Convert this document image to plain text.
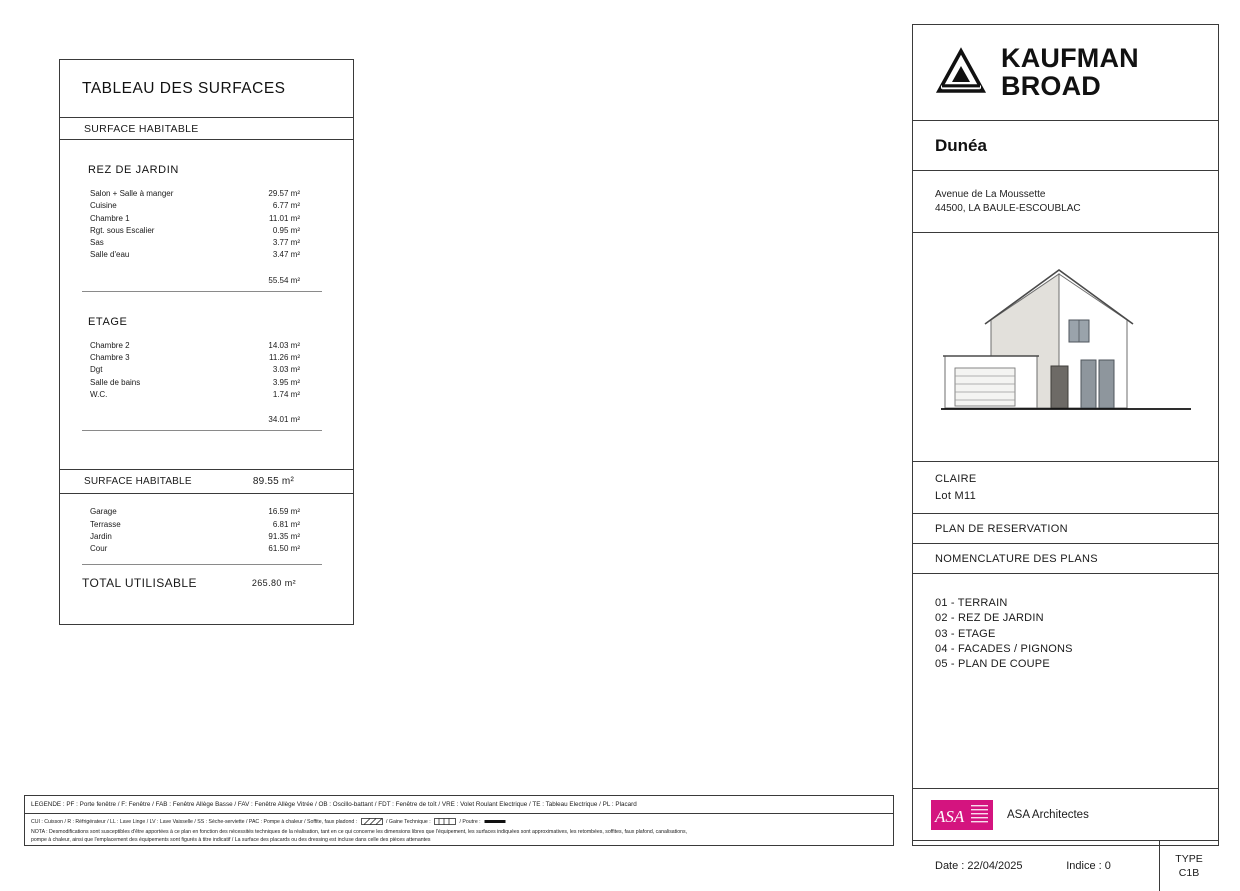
TABLEAU DES SURFACES
SURFACE HABITABLE
REZ DE JARDIN
Salon + Salle à manger	29.57 m²
Cuisine	6.77 m²
Chambre 1	11.01 m²
Rgt. sous Escalier	0.95 m²
Sas	3.77 m²
Salle d'eau	3.47 m²
55.54 m²
ETAGE
Chambre 2	14.03 m²
Chambre 3	11.26 m²
Dgt	3.03 m²
Salle de bains	3.95 m²
W.C.	1.74 m²
34.01 m²
SURFACE HABITABLE	89.55 m²
Garage	16.59 m²
Terrasse	6.81 m²
Jardin	91.35 m²
Cour	61.50 m²
TOTAL UTILISABLE	265.80 m²
KAUFMAN
BROAD
Dunéa
Avenue de La Moussette
44500, LA BAULE-ESCOUBLAC
CLAIRE
Lot M11
PLAN DE RESERVATION
NOMENCLATURE DES PLANS
01 - TERRAIN
02 - REZ DE JARDIN
03 - ETAGE
04 - FACADES / PIGNONS
05 - PLAN DE COUPE
ASA	ASA Architectes
Date : 22/04/2025	Indice : 0
TYPE
C1B
LEGENDE : PF : Porte fenêtre / F: Fenêtre / FAB : Fenêtre Allège Basse / FAV : Fenêtre Allège Vitrée / OB : Oscillo-battant / FDT : Fenêtre de toït / VRE : Volet Roulant Electrique / TE : Tableau Electrique / PL : Placard
CUI : Cuisson / R : Réfrigérateur / LL : Lave Linge / LV : Lave Vaisselle / SS : Sèche-serviette / PAC : Pompe à chaleur / Soffite, faux pladond :	/ Gaine Technique :	/ Poutre :
NOTA : Desmodifications sont susceptibles d'être apportées à ce plan en fonction des nécessités techniques de la réalisation, tant en ce qui concerne les dimensions libres que l'équipement, les surfaces indiquées sont approximatives, les retombées, soffites, faux plafond, canalisations,
pompe à chaleur, ainsi que l'emplacement des équipements sont figurés à titre indicatif / La surface des placards ou des dressing est incluse dans celle des pièces attenantes
